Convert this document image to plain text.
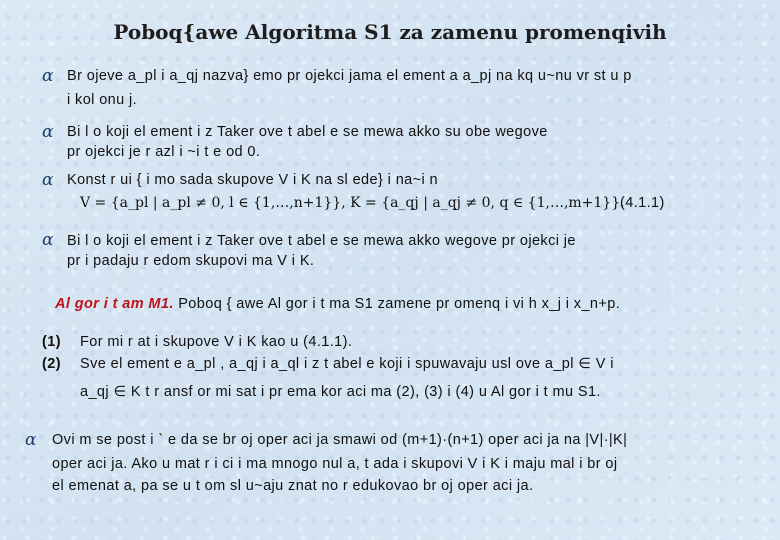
Poboq{awe Algoritma S1 za zamenu promenqivih
α Br ojeve a_pl i a_qj nazva} emo pr ojekci jama el ement a a_pj na kq u~nu vr st u p
i kol onu j.
α Bi l o koji el ement i z Taker ove t abel e se mewa akko su obe wegove
pr ojekci je r azl i ~i t e od 0.
α Konst r ui { i mo sada skupove V i K na sl ede} i na~i n
V = {a_pl | a_pl ≠ 0, l ∈ {1,…,n+1}}, K = {a_qj | a_qj ≠ 0, q ∈ {1,…,m+1}}.
(4.1.1)
α Bi l o koji el ement i z Taker ove t abel e se mewa akko wegove pr ojekci je
pr i padaju r edom skupovi ma V i K.
Al gor i t am M1. Poboq { awe Al gor i t ma S1 zamene pr omenq i vi h x_j i x_n+p.
(1) For mi r at i skupove V i K kao u (4.1.1).
(2) Sve el ement e a_pl , a_qj i a_ql i z t abel e koji i spuwavaju usl ove a_pl ∈ V i
a_qj ∈ K t r ansf or mi sat i pr ema kor aci ma (2), (3) i (4) u Al gor i t mu S1.
α Ovi m se post i ` e da se br oj oper aci ja smawi od (m+1)·(n+1) oper aci ja na |V|·|K|
oper aci ja. Ako u mat r i ci i ma mnogo nul a, t ada i skupovi V i K i maju mal i br oj
el emenat a, pa se u t om sl u~aju znat no r edukovao br oj oper aci ja.
